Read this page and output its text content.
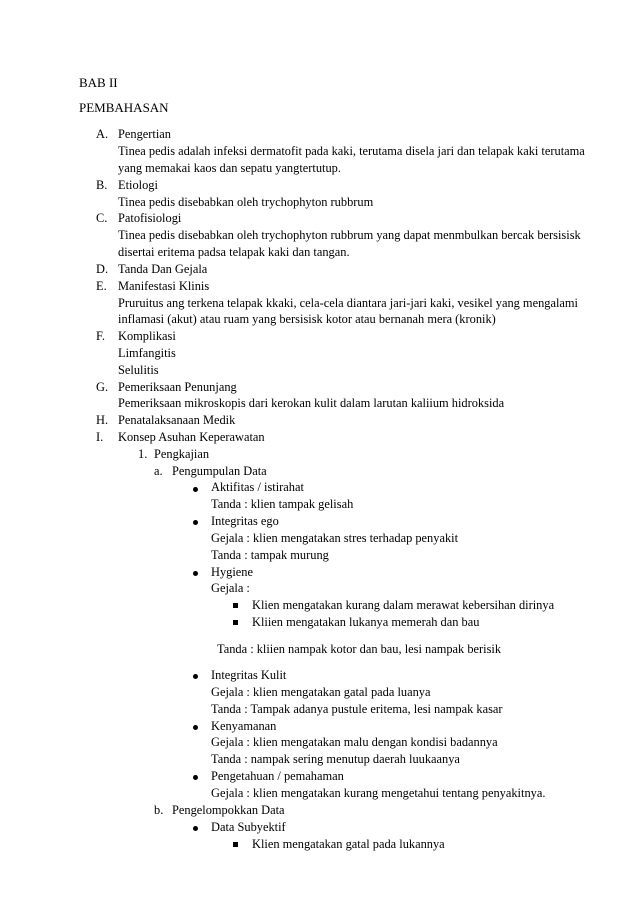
BAB II
PEMBAHASAN
A. Pengertian
Tinea pedis adalah infeksi dermatofit pada kaki, terutama disela jari dan telapak kaki terutama
yang memakai kaos dan sepatu yangtertutup.
B. Etiologi
Tinea pedis disebabkan oleh trychophyton rubbrum
C. Patofisiologi
Tinea pedis disebabkan oleh trychophyton rubbrum yang dapat menmbulkan bercak bersisisk
disertai eritema padsa telapak kaki dan tangan.
D. Tanda Dan Gejala
E. Manifestasi Klinis
Pruruitus ang terkena telapak kkaki, cela-cela diantara jari-jari kaki, vesikel yang mengalami
inflamasi (akut) atau ruam yang bersisisk kotor atau bernanah mera (kronik)
F. Komplikasi
Limfangitis
Selulitis
G. Pemeriksaan Penunjang
Pemeriksaan mikroskopis dari kerokan kulit dalam larutan kaliium hidroksida
H. Penatalaksanaan Medik
I. Konsep Asuhan Keperawatan
1. Pengkajian
a. Pengumpulan Data
Aktifitas / istirahat
Tanda : klien tampak gelisah
Integritas ego
Gejala : klien mengatakan stres terhadap penyakit
Tanda : tampak murung
Hygiene
Gejala :
Klien mengatakan kurang dalam merawat kebersihan dirinya
Kliien mengatakan lukanya memerah dan bau
Tanda : kliien nampak kotor dan bau, lesi nampak berisik
Integritas Kulit
Gejala : klien mengatakan gatal pada luanya
Tanda : Tampak adanya pustule eritema, lesi nampak kasar
Kenyamanan
Gejala : klien mengatakan malu dengan kondisi badannya
Tanda : nampak sering menutup daerah luukaanya
Pengetahuan / pemahaman
Gejala : klien mengatakan kurang mengetahui tentang penyakitnya.
b. Pengelompokkan Data
Data Subyektif
Klien mengatakan gatal pada lukannya
